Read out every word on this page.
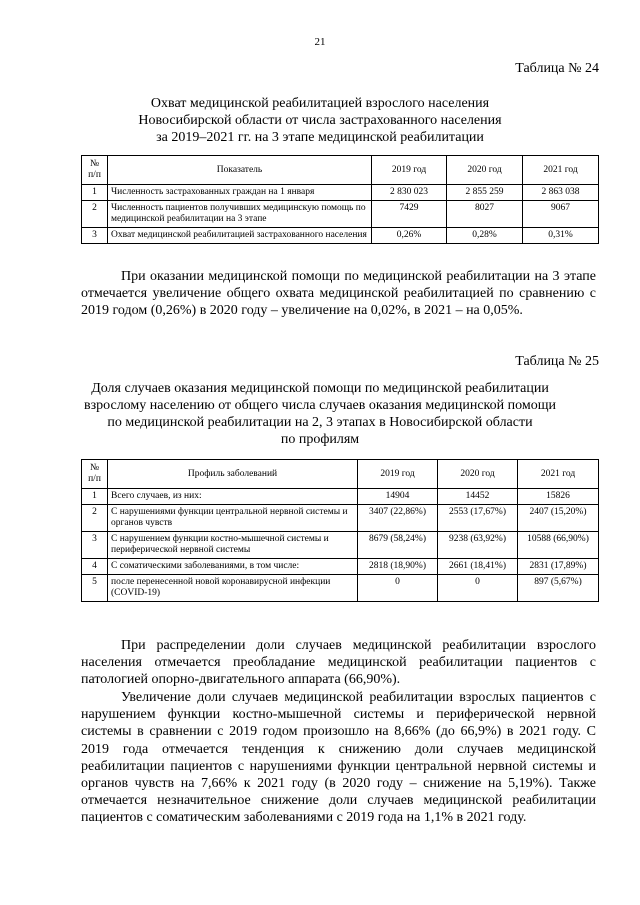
21
Таблица № 24
Охват медицинской реабилитацией взрослого населения
Новосибирской области от числа застрахованного населения
за 2019–2021 гг. на 3 этапе медицинской реабилитации
№ п/п	Показатель	2019 год	2020 год	2021 год
1	Численность застрахованных граждан на 1 января	2 830 023	2 855 259	2 863 038
2	Численность пациентов получивших медицинскую помощь по медицинской реабилитации на 3 этапе	7429	8027	9067
3	Охват медицинской реабилитацией застрахованного населения	0,26%	0,28%	0,31%

При оказании медицинской помощи по медицинской реабилитации на 3 этапе отмечается увеличение общего охвата медицинской реабилитацией по сравнению с 2019 годом (0,26%) в 2020 году – увеличение на 0,02%, в 2021 – на 0,05%.

Таблица № 25
Доля случаев оказания медицинской помощи по медицинской реабилитации
взрослому населению от общего числа случаев оказания медицинской помощи
по медицинской реабилитации на 2, 3 этапах в Новосибирской области
по профилям
№ п/п	Профиль заболеваний	2019 год	2020 год	2021 год
1	Всего случаев, из них:	14904	14452	15826
2	С нарушениями функции центральной нервной системы и органов чувств	3407 (22,86%)	2553 (17,67%)	2407 (15,20%)
3	С нарушением функции костно-мышечной системы и периферической нервной системы	8679 (58,24%)	9238 (63,92%)	10588 (66,90%)
4	С соматическими заболеваниями, в том числе:	2818 (18,90%)	2661 (18,41%)	2831 (17,89%)
5	после перенесенной новой коронавирусной инфекции (COVID-19)	0	0	897 (5,67%)

При распределении доли случаев медицинской реабилитации взрослого населения отмечается преобладание медицинской реабилитации пациентов с патологией опорно-двигательного аппарата (66,90%).

Увеличение доли случаев медицинской реабилитации взрослых пациентов с нарушением функции костно-мышечной системы и периферической нервной системы в сравнении с 2019 годом произошло на 8,66% (до 66,9%) в 2021 году. С 2019 года отмечается тенденция к снижению доли случаев медицинской реабилитации пациентов с нарушениями функции центральной нервной системы и органов чувств на 7,66% к 2021 году (в 2020 году – снижение на 5,19%). Также отмечается незначительное снижение доли случаев медицинской реабилитации пациентов с соматическим заболеваниями с 2019 года на 1,1% в 2021 году.
